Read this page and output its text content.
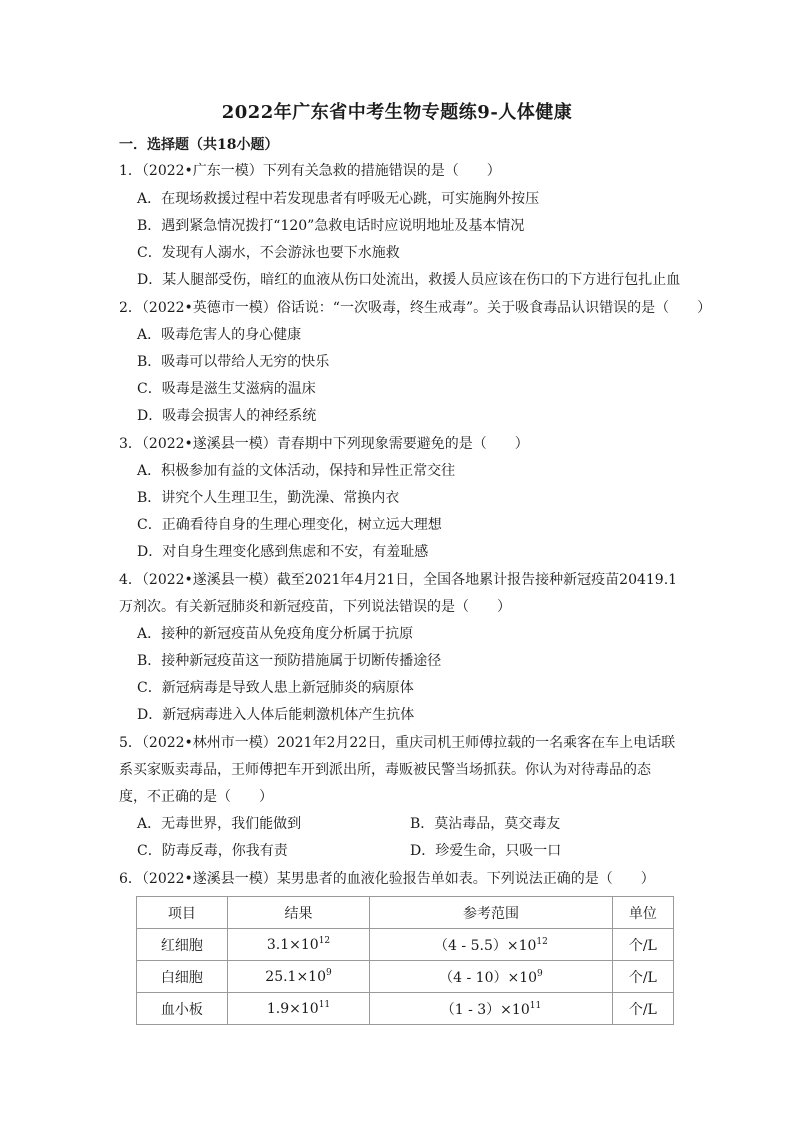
2022年广东省中考生物专题练9-人体健康
一．选择题（共18小题）
1．（2022•广东一模）下列有关急救的措施错误的是（　　）
A．在现场救援过程中若发现患者有呼吸无心跳，可实施胸外按压
B．遇到紧急情况拨打“120”急救电话时应说明地址及基本情况
C．发现有人溺水，不会游泳也要下水施救
D．某人腿部受伤，暗红的血液从伤口处流出，救援人员应该在伤口的下方进行包扎止血
2．（2022•英德市一模）俗话说：“一次吸毒，终生戒毒”。关于吸食毒品认识错误的是（　　）
A．吸毒危害人的身心健康
B．吸毒可以带给人无穷的快乐
C．吸毒是滋生艾滋病的温床
D．吸毒会损害人的神经系统
3．（2022•遂溪县一模）青春期中下列现象需要避免的是（　　）
A．积极参加有益的文体活动，保持和异性正常交往
B．讲究个人生理卫生，勤洗澡、常换内衣
C．正确看待自身的生理心理变化，树立远大理想
D．对自身生理变化感到焦虑和不安，有羞耻感
4．（2022•遂溪县一模）截至2021年4月21日，全国各地累计报告接种新冠疫苗20419.1
万剂次。有关新冠肺炎和新冠疫苗，下列说法错误的是（　　）
A．接种的新冠疫苗从免疫角度分析属于抗原
B．接种新冠疫苗这一预防措施属于切断传播途径
C．新冠病毒是导致人患上新冠肺炎的病原体
D．新冠病毒进入人体后能刺激机体产生抗体
5．（2022•林州市一模）2021年2月22日，重庆司机王师傅拉载的一名乘客在车上电话联
系买家贩卖毒品，王师傅把车开到派出所，毒贩被民警当场抓获。你认为对待毒品的态
度，不正确的是（　　）
A．无毒世界，我们能做到	B．莫沾毒品，莫交毒友
C．防毒反毒，你我有责	D．珍爱生命，只吸一口
6．（2022•遂溪县一模）某男患者的血液化验报告单如表。下列说法正确的是（　　）
项目	结果	参考范围	单位
红细胞	$3.1\times 10^{12}$	$(4 - 5.5)\times 10^{12}$	个/L
白细胞	$25.1\times 10^9$	$(4 - 10)\times 10^9$	个/L
血小板	$1.9\times 10^{11}$	$(1 - 3)\times 10^{11}$	个/L
